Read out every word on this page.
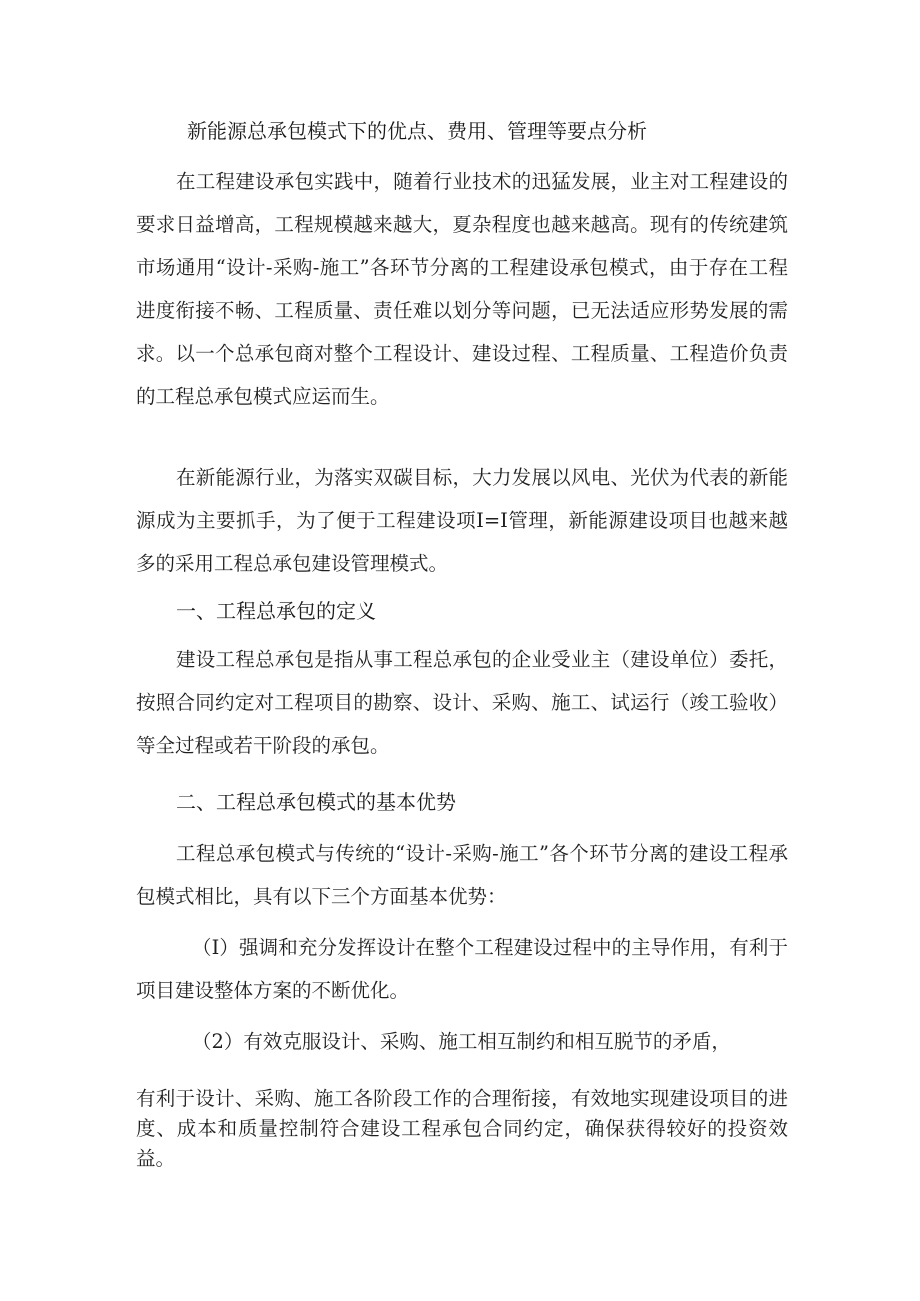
新能源总承包模式下的优点、费用、管理等要点分析

在工程建设承包实践中，随着行业技术的迅猛发展，业主对工程建设的要求日益增高，工程规模越来越大，夏杂程度也越来越高。现有的传统建筑市场通用“设计-采购-施工”各环节分离的工程建设承包模式，由于存在工程进度衔接不畅、工程质量、责任难以划分等问题，已无法适应形势发展的需求。以一个总承包商对整个工程设计、建设过程、工程质量、工程造价负责的工程总承包模式应运而生。

在新能源行业，为落实双碳目标，大力发展以风电、光伏为代表的新能源成为主要抓手，为了便于工程建设项I=I管理，新能源建设项目也越来越多的采用工程总承包建设管理模式。

一、工程总承包的定义

建设工程总承包是指从事工程总承包的企业受业主（建设单位）委托，按照合同约定对工程项目的勘察、设计、采购、施工、试运行（竣工验收）等全过程或若干阶段的承包。

二、工程总承包模式的基本优势

工程总承包模式与传统的“设计-采购-施工”各个环节分离的建设工程承包模式相比，具有以下三个方面基本优势：

（I）强调和充分发挥设计在整个工程建设过程中的主导作用，有利于项目建设整体方案的不断优化。

（2）有效克服设计、采购、施工相互制约和相互脱节的矛盾，

有利于设计、采购、施工各阶段工作的合理衔接，有效地实现建设项目的进度、成本和质量控制符合建设工程承包合同约定，确保获得较好的投资效益。
